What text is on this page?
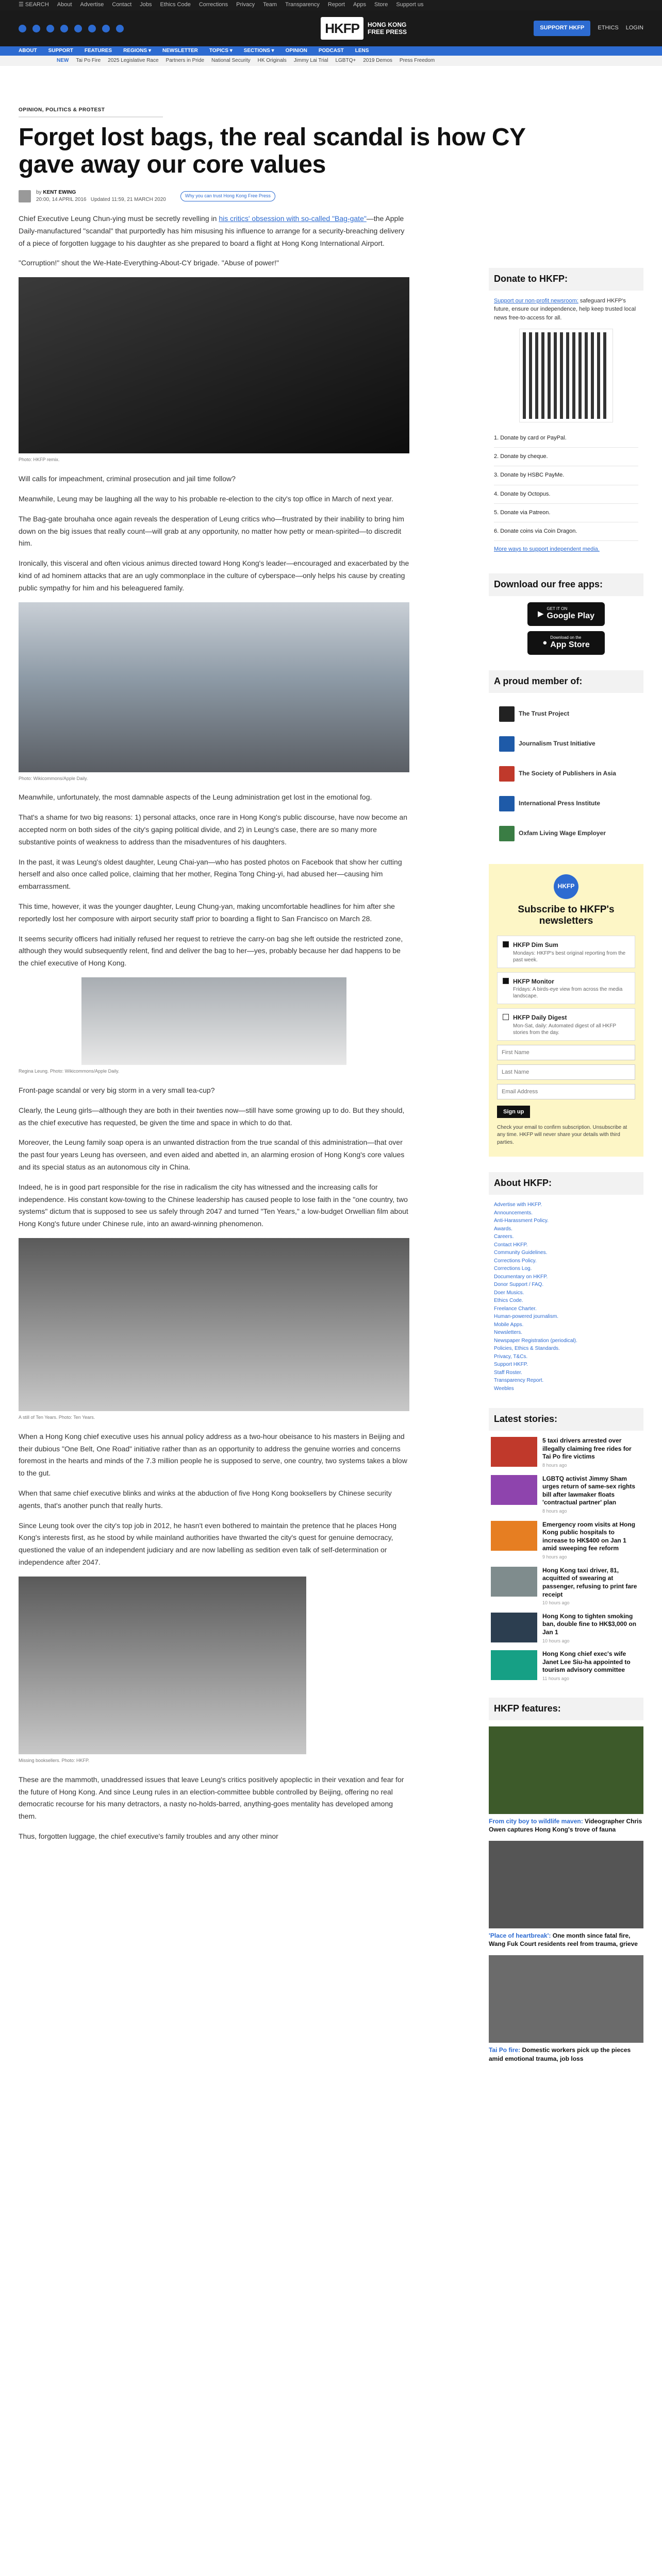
☰ SEARCH About Advertise Contact Jobs Ethics Code Corrections Privacy Team Transparency Report Apps Store Support us
HKFP	HONG KONG FREE PRESS
SUPPORT HKFP	ETHICS LOGIN
ABOUT SUPPORT FEATURES REGIONS ▾ NEWSLETTER TOPICS ▾ SECTIONS ▾ OPINION PODCAST LENS
NEW Tai Po Fire 2025 Legislative Race Partners in Pride National Security HK Originals Jimmy Lai Trial LGBTQ+ 2019 Demos Press Freedom
OPINION, POLITICS & PROTEST
Forget lost bags, the real scandal is how CY gave away our core values
by KENT EWING
20:00, 14 APRIL 2016 Updated 11:59, 21 MARCH 2020
Why you can trust Hong Kong Free Press

Chief Executive Leung Chun-ying must be secretly revelling in his critics' obsession with so-called "Bag-gate"—the Apple Daily-manufactured "scandal" that purportedly has him misusing his influence to arrange for a security-breaching delivery of a piece of forgotten luggage to his daughter as she prepared to board a flight at Hong Kong International Airport.

"Corruption!" shout the We-Hate-Everything-About-CY brigade. "Abuse of power!"

Photo: HKFP remix.

Will calls for impeachment, criminal prosecution and jail time follow?

Meanwhile, Leung may be laughing all the way to his probable re-election to the city's top office in March of next year.

The Bag-gate brouhaha once again reveals the desperation of Leung critics who—frustrated by their inability to bring him down on the big issues that really count—will grab at any opportunity, no matter how petty or mean-spirited—to discredit him.

Ironically, this visceral and often vicious animus directed toward Hong Kong's leader—encouraged and exacerbated by the kind of ad hominem attacks that are an ugly commonplace in the culture of cyberspace—only helps his cause by creating public sympathy for him and his beleaguered family.

Photo: Wikicommons/Apple Daily.

Meanwhile, unfortunately, the most damnable aspects of the Leung administration get lost in the emotional fog.

That's a shame for two big reasons: 1) personal attacks, once rare in Hong Kong's public discourse, have now become an accepted norm on both sides of the city's gaping political divide, and 2) in Leung's case, there are so many more substantive points of weakness to address than the misadventures of his daughters.

In the past, it was Leung's oldest daughter, Leung Chai-yan—who has posted photos on Facebook that show her cutting herself and also once called police, claiming that her mother, Regina Tong Ching-yi, had abused her—causing him embarrassment.

This time, however, it was the younger daughter, Leung Chung-yan, making uncomfortable headlines for him after she reportedly lost her composure with airport security staff prior to boarding a flight to San Francisco on March 28.

It seems security officers had initially refused her request to retrieve the carry-on bag she left outside the restricted zone, although they would subsequently relent, find and deliver the bag to her—yes, probably because her dad happens to be the chief executive of Hong Kong.

Regina Leung. Photo: Wikicommons/Apple Daily.

Front-page scandal or very big storm in a very small tea-cup?

Clearly, the Leung girls—although they are both in their twenties now—still have some growing up to do. But they should, as the chief executive has requested, be given the time and space in which to do that.

Moreover, the Leung family soap opera is an unwanted distraction from the true scandal of this administration—that over the past four years Leung has overseen, and even aided and abetted in, an alarming erosion of Hong Kong's core values and its special status as an autonomous city in China.

Indeed, he is in good part responsible for the rise in radicalism the city has witnessed and the increasing calls for independence. His constant kow-towing to the Chinese leadership has caused people to lose faith in the "one country, two systems" dictum that is supposed to see us safely through 2047 and turned "Ten Years," a low-budget Orwellian film about Hong Kong's future under Chinese rule, into an award-winning phenomenon.

A still of Ten Years. Photo: Ten Years.

When a Hong Kong chief executive uses his annual policy address as a two-hour obeisance to his masters in Beijing and their dubious "One Belt, One Road" initiative rather than as an opportunity to address the genuine worries and concerns foremost in the hearts and minds of the 7.3 million people he is supposed to serve, one country, two systems takes a blow to the gut.

When that same chief executive blinks and winks at the abduction of five Hong Kong booksellers by Chinese security agents, that's another punch that really hurts.

Since Leung took over the city's top job in 2012, he hasn't even bothered to maintain the pretence that he places Hong Kong's interests first, as he stood by while mainland authorities have thwarted the city's quest for genuine democracy, questioned the value of an independent judiciary and are now labelling as sedition even talk of self-determination or independence after 2047.

Missing booksellers. Photo: HKFP.

These are the mammoth, unaddressed issues that leave Leung's critics positively apoplectic in their vexation and fear for the future of Hong Kong. And since Leung rules in an election-committee bubble controlled by Beijing, offering no real democratic recourse for his many detractors, a nasty no-holds-barred, anything-goes mentality has developed among them.

Thus, forgotten luggage, the chief executive's family troubles and any other minor

Donate to HKFP:
Support our non-profit newsroom: safeguard HKFP's future, ensure our independence, help keep trusted local news free-to-access for all.
1. Donate by card or PayPal.
2. Donate by cheque.
3. Donate by HSBC PayMe.
4. Donate by Octopus.
5. Donate via Patreon.
6. Donate coins via Coin Dragon.
More ways to support independent media.
Download our free apps:
▶
GET IT ON
Google Play
●
Download on the
App Store
A proud member of:
The Trust Project
Journalism Trust Initiative
The Society of Publishers in Asia
International Press Institute
Oxfam Living Wage Employer
HKFP
Subscribe to HKFP's newsletters
HKFP Dim Sum
Mondays: HKFP's best original reporting from the past week.
HKFP Monitor
Fridays: A birds-eye view from across the media landscape.
HKFP Daily Digest
Mon-Sat, daily: Automated digest of all HKFP stories from the day.
First Name Last Name Email Address Sign up
Check your email to confirm subscription. Unsubscribe at any time. HKFP will never share your details with third parties.
About HKFP:
Advertise with HKFP.
Announcements.
Anti-Harassment Policy.
Awards.
Careers.
Contact HKFP.
Community Guidelines.
Corrections Policy.
Corrections Log.
Documentary on HKFP.
Donor Support / FAQ.
Doer Musics.
Ethics Code.
Freelance Charter.
Human-powered journalism.
Mobile Apps.
Newsletters.
Newspaper Registration (periodical).
Policies, Ethics & Standards.
Privacy, T&Cs.
Support HKFP.
Staff Roster.
Transparency Report.
Weebles
Latest stories:
5 taxi drivers arrested over illegally claiming free rides for Tai Po fire victims
8 hours ago
LGBTQ activist Jimmy Sham urges return of same-sex rights bill after lawmaker floats 'contractual partner' plan
8 hours ago
Emergency room visits at Hong Kong public hospitals to increase to HK$400 on Jan 1 amid sweeping fee reform
9 hours ago
Hong Kong taxi driver, 81, acquitted of swearing at passenger, refusing to print fare receipt
10 hours ago
Hong Kong to tighten smoking ban, double fine to HK$3,000 on Jan 1
10 hours ago
Hong Kong chief exec's wife Janet Lee Siu-ha appointed to tourism advisory committee
11 hours ago
HKFP features:
From city boy to wildlife maven: Videographer Chris Owen captures Hong Kong's trove of fauna
'Place of heartbreak': One month since fatal fire, Wang Fuk Court residents reel from trauma, grieve
Tai Po fire: Domestic workers pick up the pieces amid emotional trauma, job loss
